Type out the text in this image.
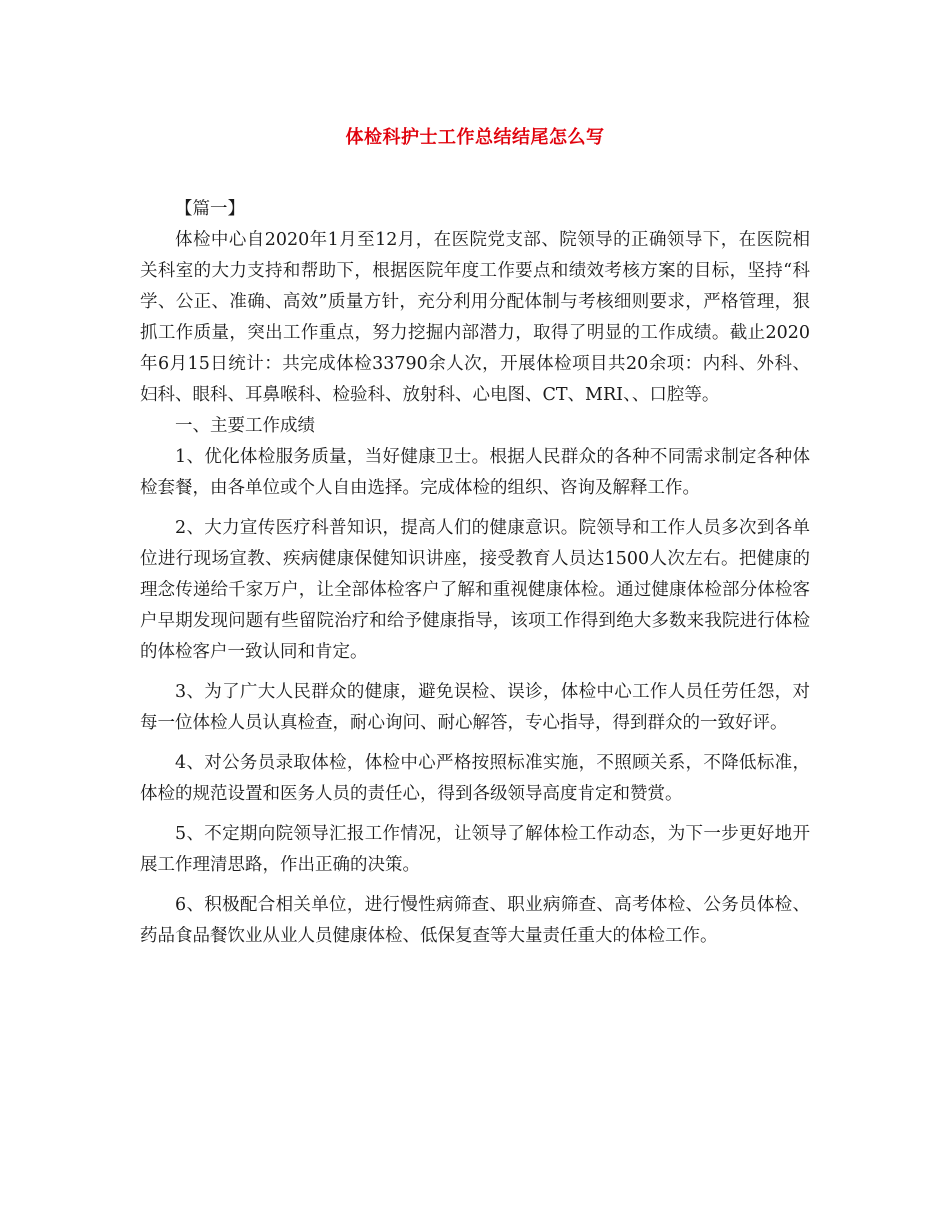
体检科护士工作总结结尾怎么写

【篇一】

体检中心自2020年1月至12月，在医院党支部、院领导的正确领导下，在医院相关科室的大力支持和帮助下，根据医院年度工作要点和绩效考核方案的目标，坚持“科学、公正、准确、高效”质量方针，充分利用分配体制与考核细则要求，严格管理，狠抓工作质量，突出工作重点，努力挖掘内部潜力，取得了明显的工作成绩。截止2020年6月15日统计：共完成体检33790余人次，开展体检项目共20余项：内科、外科、妇科、眼科、耳鼻喉科、检验科、放射科、心电图、CT、MRI、、口腔等。

一、主要工作成绩

1、优化体检服务质量，当好健康卫士。根据人民群众的各种不同需求制定各种体检套餐，由各单位或个人自由选择。完成体检的组织、咨询及解释工作。

2、大力宣传医疗科普知识，提高人们的健康意识。院领导和工作人员多次到各单位进行现场宣教、疾病健康保健知识讲座，接受教育人员达1500人次左右。把健康的理念传递给千家万户，让全部体检客户了解和重视健康体检。通过健康体检部分体检客户早期发现问题有些留院治疗和给予健康指导，该项工作得到绝大多数来我院进行体检的体检客户一致认同和肯定。

3、为了广大人民群众的健康，避免误检、误诊，体检中心工作人员任劳任怨，对每一位体检人员认真检查，耐心询问、耐心解答，专心指导，得到群众的一致好评。

4、对公务员录取体检，体检中心严格按照标准实施，不照顾关系，不降低标准，体检的规范设置和医务人员的责任心，得到各级领导高度肯定和赞赏。

5、不定期向院领导汇报工作情况，让领导了解体检工作动态，为下一步更好地开展工作理清思路，作出正确的决策。

6、积极配合相关单位，进行慢性病筛查、职业病筛查、高考体检、公务员体检、药品食品餐饮业从业人员健康体检、低保复查等大量责任重大的体检工作。
